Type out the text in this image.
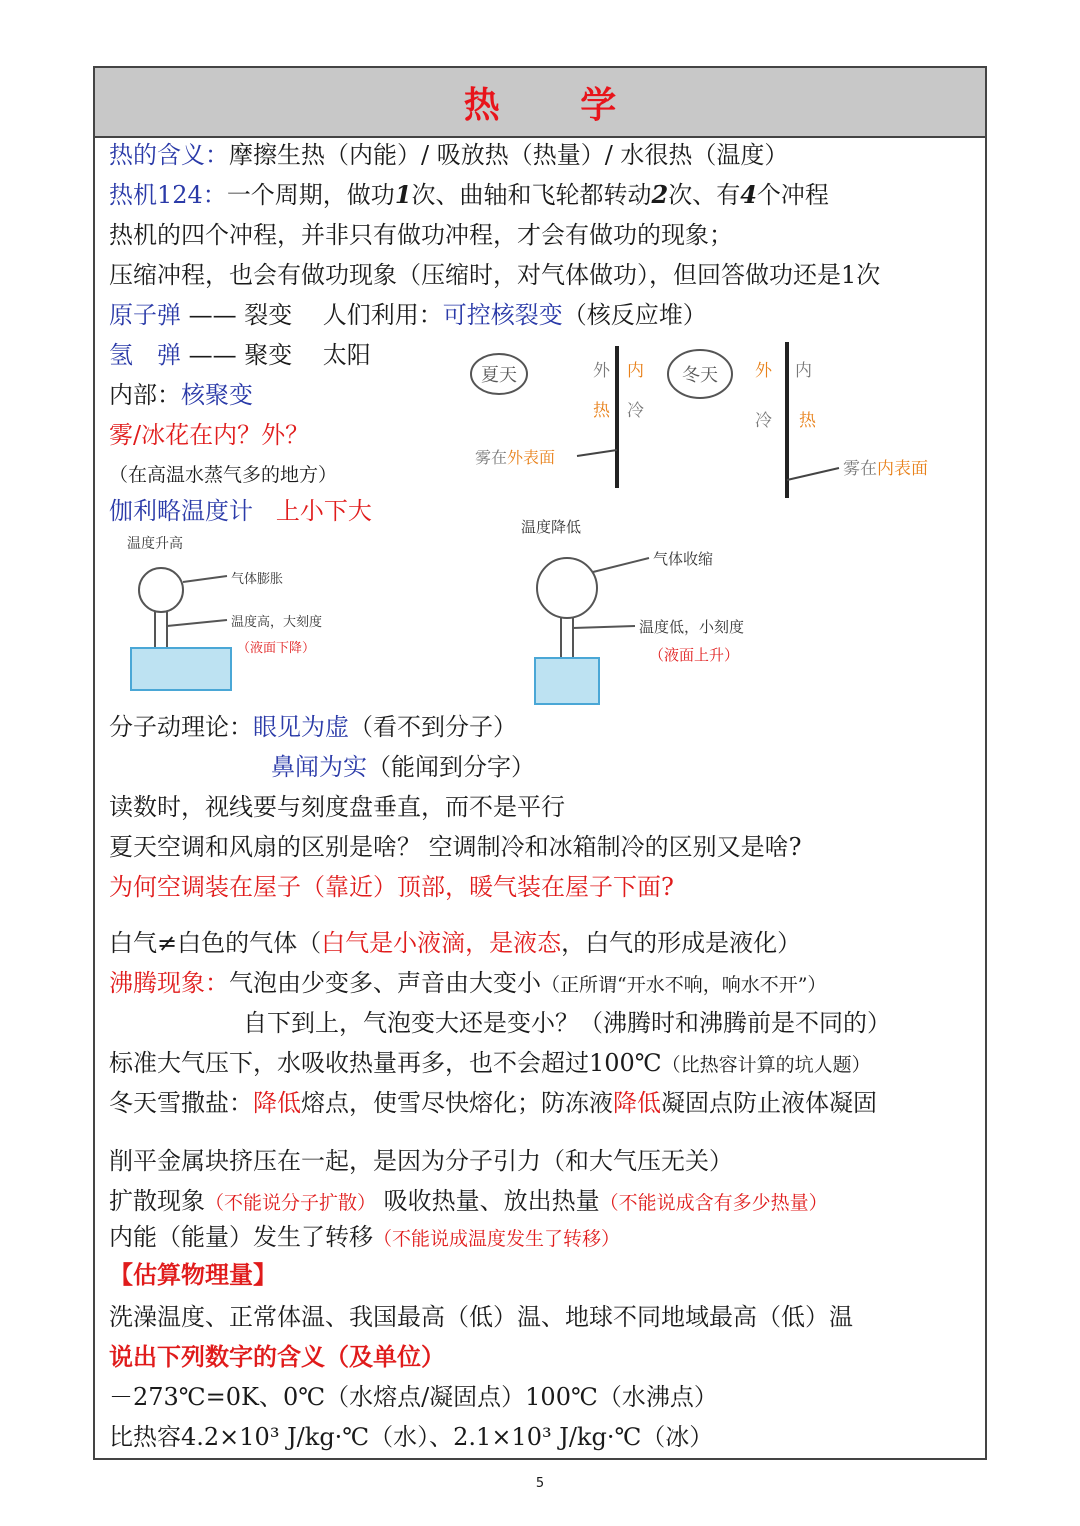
热 学
热的含义：摩擦生热（内能）/ 吸放热（热量）/ 水很热（温度）
热机124：一个周期，做功1次、曲轴和飞轮都转动2次、有4个冲程
热机的四个冲程，并非只有做功冲程，才会有做功的现象；
压缩冲程，也会有做功现象（压缩时，对气体做功），但回答做功还是1次
原子弹 —— 裂变 人们利用：可控核裂变（核反应堆）
氢　弹 —— 聚变 太阳
内部：核聚变
雾/冰花在内？外？
（在高温水蒸气多的地方）
伽利略温度计 上小下大
夏天	外 内
热 冷
雾在 外表面
冬天 外 内
冷 热
雾在 内表面
温度升高
气体膨胀
温度高，大刻度
（液面下降）
温度降低
气体收缩
温度低，小刻度
（液面上升）
分子动理论：眼见为虚（看不到分子）
鼻闻为实（能闻到分字）
读数时，视线要与刻度盘垂直，而不是平行
夏天空调和风扇的区别是啥？ 空调制冷和冰箱制冷的区别又是啥?
为何空调装在屋子（靠近）顶部，暖气装在屋子下面?
白气≠白色的气体（白气是小液滴，是液态，白气的形成是液化）
沸腾现象：气泡由少变多、声音由大变小（正所谓“开水不响，响水不开”）
自下到上，气泡变大还是变小？（沸腾时和沸腾前是不同的）
标准大气压下，水吸收热量再多，也不会超过100℃（比热容计算的坑人题）
冬天雪撒盐：降低熔点，使雪尽快熔化；防冻液降低凝固点防止液体凝固
削平金属块挤压在一起，是因为分子引力（和大气压无关）
扩散现象（不能说分子扩散） 吸收热量、放出热量（不能说成含有多少热量）
内能（能量）发生了转移（不能说成温度发生了转移）
【估算物理量】
洗澡温度、正常体温、我国最高（低）温、地球不同地域最高（低）温
说出下列数字的含义（及单位）
－273℃=0K、0℃（水熔点/凝固点）100℃（水沸点）
比热容4.2×10³ J/kg·℃（水）、2.1×10³ J/kg·℃（冰）
5
